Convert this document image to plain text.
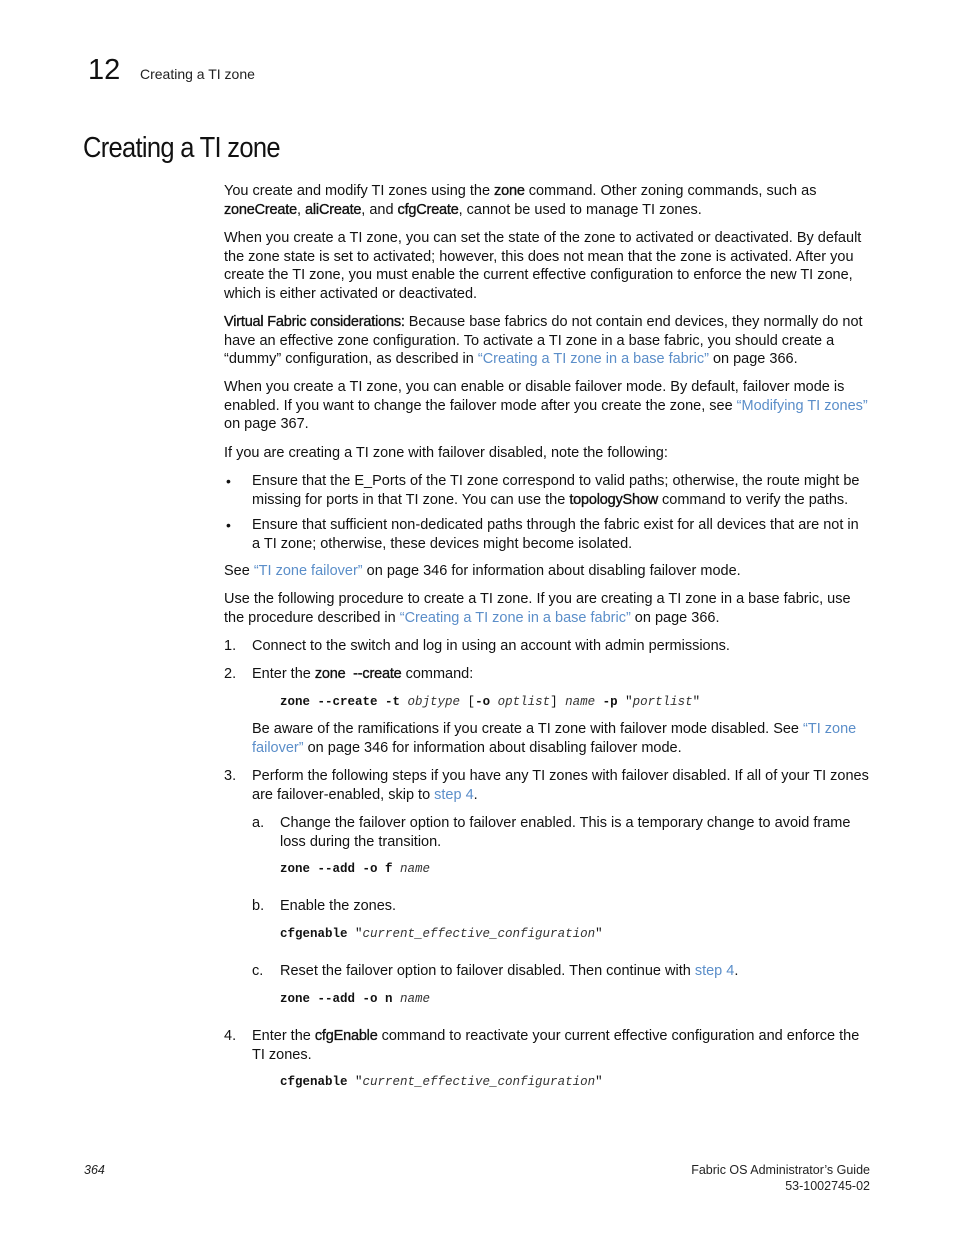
12 Creating a TI zone
Creating a TI zone

You create and modify TI zones using the zone command. Other zoning commands, such as zoneCreate, aliCreate, and cfgCreate, cannot be used to manage TI zones.

When you create a TI zone, you can set the state of the zone to activated or deactivated. By default the zone state is set to activated; however, this does not mean that the zone is activated. After you create the TI zone, you must enable the current effective configuration to enforce the new TI zone, which is either activated or deactivated.

Virtual Fabric considerations: Because base fabrics do not contain end devices, they normally do not have an effective zone configuration. To activate a TI zone in a base fabric, you should create a “dummy” configuration, as described in “Creating a TI zone in a base fabric” on page 366.

When you create a TI zone, you can enable or disable failover mode. By default, failover mode is enabled. If you want to change the failover mode after you create the zone, see “Modifying TI zones” on page 367.

If you are creating a TI zone with failover disabled, note the following:

• Ensure that the E_Ports of the TI zone correspond to valid paths; otherwise, the route might be missing for ports in that TI zone. You can use the topologyShow command to verify the paths.

• Ensure that sufficient non-dedicated paths through the fabric exist for all devices that are not in a TI zone; otherwise, these devices might become isolated.

See “TI zone failover” on page 346 for information about disabling failover mode.

Use the following procedure to create a TI zone. If you are creating a TI zone in a base fabric, use the procedure described in “Creating a TI zone in a base fabric” on page 366.

1. Connect to the switch and log in using an account with admin permissions.

2. Enter the zone  --create command:

zone --create -t objtype [-o optlist] name -p "portlist"

Be aware of the ramifications if you create a TI zone with failover mode disabled. See “TI zone failover” on page 346 for information about disabling failover mode.

3. Perform the following steps if you have any TI zones with failover disabled. If all of your TI zones are failover-enabled, skip to step 4.

a. Change the failover option to failover enabled. This is a temporary change to avoid frame loss during the transition.

zone --add -o f name
b. Enable the zones.

cfgenable "current_effective_configuration"
c. Reset the failover option to failover disabled. Then continue with step 4.

zone --add -o n name
4. Enter the cfgEnable command to reactivate your current effective configuration and enforce the TI zones.

cfgenable "current_effective_configuration"
364	Fabric OS Administrator’s Guide
53-1002745-02
